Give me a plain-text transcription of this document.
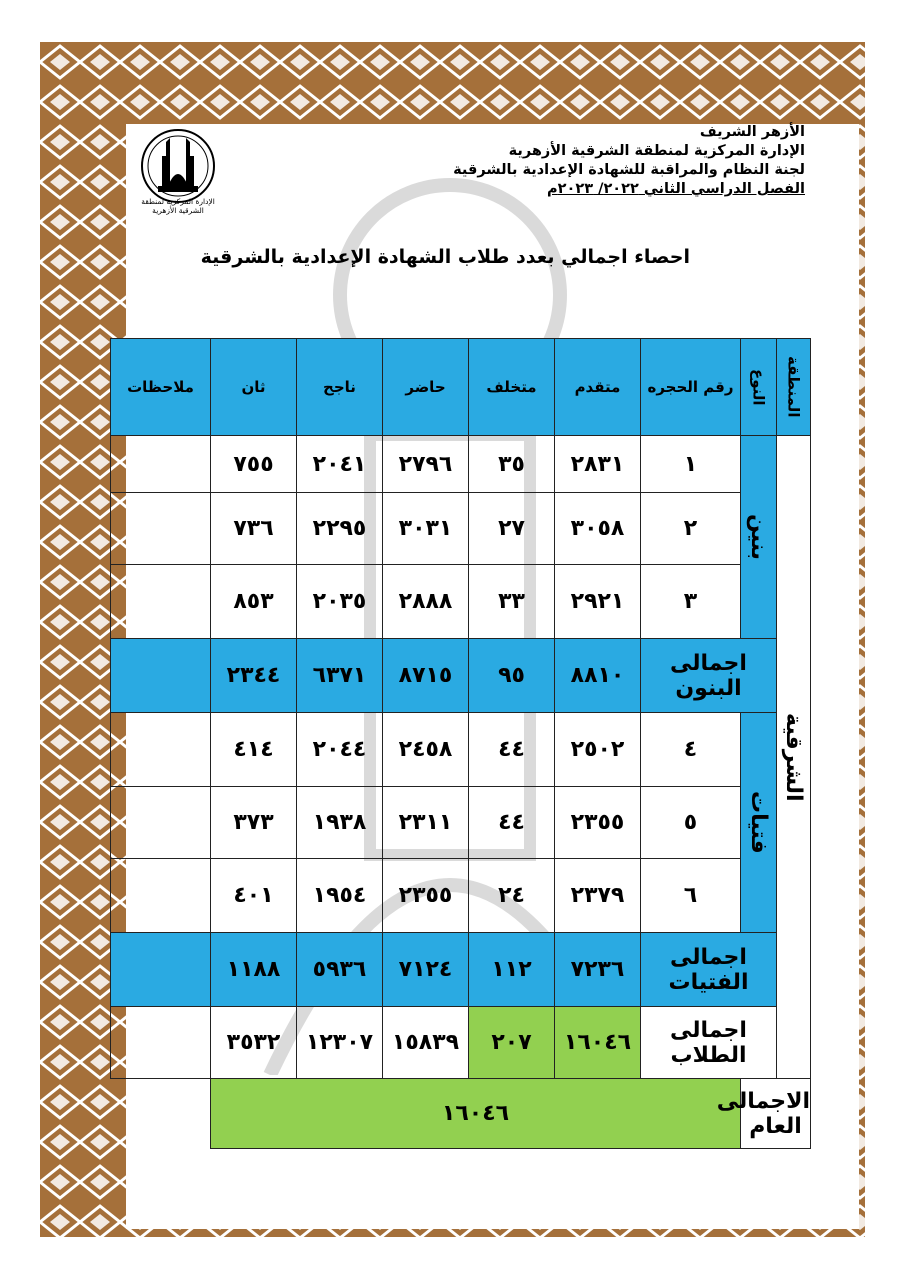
الإدارة المركزية لمنطقة
الشرقية الأزهرية
الأزهر الشريف
الإدارة المركزية لمنطقة الشرقية الأزهرية
لجنة النظام والمراقبة للشهادة الإعدادية بالشرقية
الفصل الدراسي الثاني ٢٠٢٢/ ٢٠٢٣م
احصاء اجمالي بعدد طلاب الشهادة الإعدادية بالشرقية
المنطقة	النوع	رقم الحجره	متقدم	متخلف	حاضر	ناجح	ثان	ملاحظات
الشرقية	بنين	١	٢٨٣١	٣٥	٢٧٩٦	٢٠٤١	٧٥٥	
		٢	٣٠٥٨	٢٧	٣٠٣١	٢٢٩٥	٧٣٦	
		٣	٢٩٢١	٣٣	٢٨٨٨	٢٠٣٥	٨٥٣	
	اجمالى البنون		٨٨١٠	٩٥	٨٧١٥	٦٣٧١	٢٣٤٤	
	فتيات	٤	٢٥٠٢	٤٤	٢٤٥٨	٢٠٤٤	٤١٤	
		٥	٢٣٥٥	٤٤	٢٣١١	١٩٣٨	٣٧٣	
		٦	٢٣٧٩	٢٤	٢٣٥٥	١٩٥٤	٤٠١	
	اجمالى الفتيات		٧٢٣٦	١١٢	٧١٢٤	٥٩٣٦	١١٨٨	
	اجمالى الطلاب		١٦٠٤٦	٢٠٧	١٥٨٣٩	١٢٣٠٧	٣٥٣٢	
الاجمالى العام		١٦٠٤٦						
